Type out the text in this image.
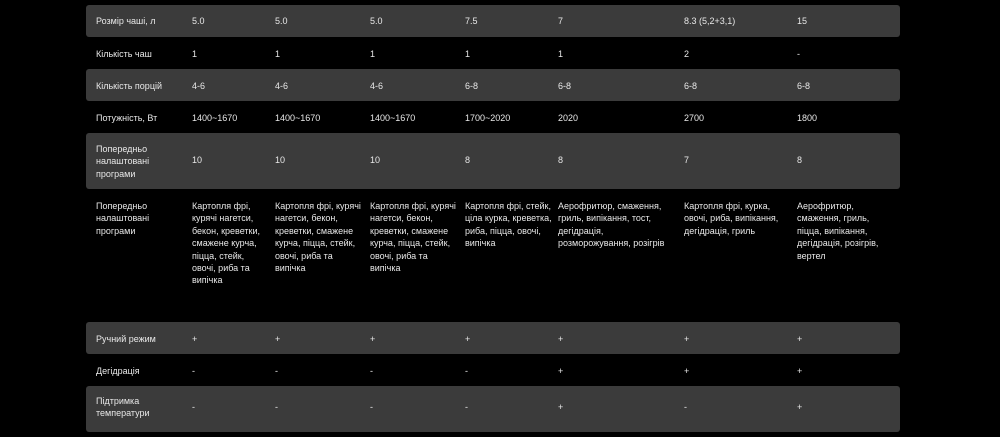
Розмір чаші, л	5.0	5.0	5.0	7.5	7	8.3 (5,2+3,1)	15

Кількість чаш	1	1	1	1	1	2	-

Кількість порцій	4-6	4-6	4-6	6-8	6-8	6-8	6-8

Потужність, Вт	1400~1670	1400~1670	1400~1670	1700~2020	2020	2700	1800

Попередньо налаштовані програми	10	10	10	8	8	7	8

Попередньо налаштовані програми	Картопля фрі, курячі нагетси, бекон, креветки, смажене курча, піцца, стейк, овочі, риба та випічка	Картопля фрі, курячі нагетси, бекон, креветки, смажене курча, піцца, стейк, овочі, риба та випічка	Картопля фрі, курячі нагетси, бекон, креветки, смажене курча, піцца, стейк, овочі, риба та випічка	Картопля фрі, стейк, ціла курка, креветка, риба, піцца, овочі, випічка	Аерофритюр, смаження, гриль, випікання, тост, дегідрація, розморожування, розігрів	Картопля фрі, курка, овочі, риба, випікання, дегідрація, гриль	Аерофритюр, смаження, гриль, піцца, випікання, дегідрація, розігрів, вертел

Ручний режим	+	+	+	+	+	+	+

Дегідрація	-	-	-	-	+	+	+

Підтримка температури	-	-	-	-	+	-	+
